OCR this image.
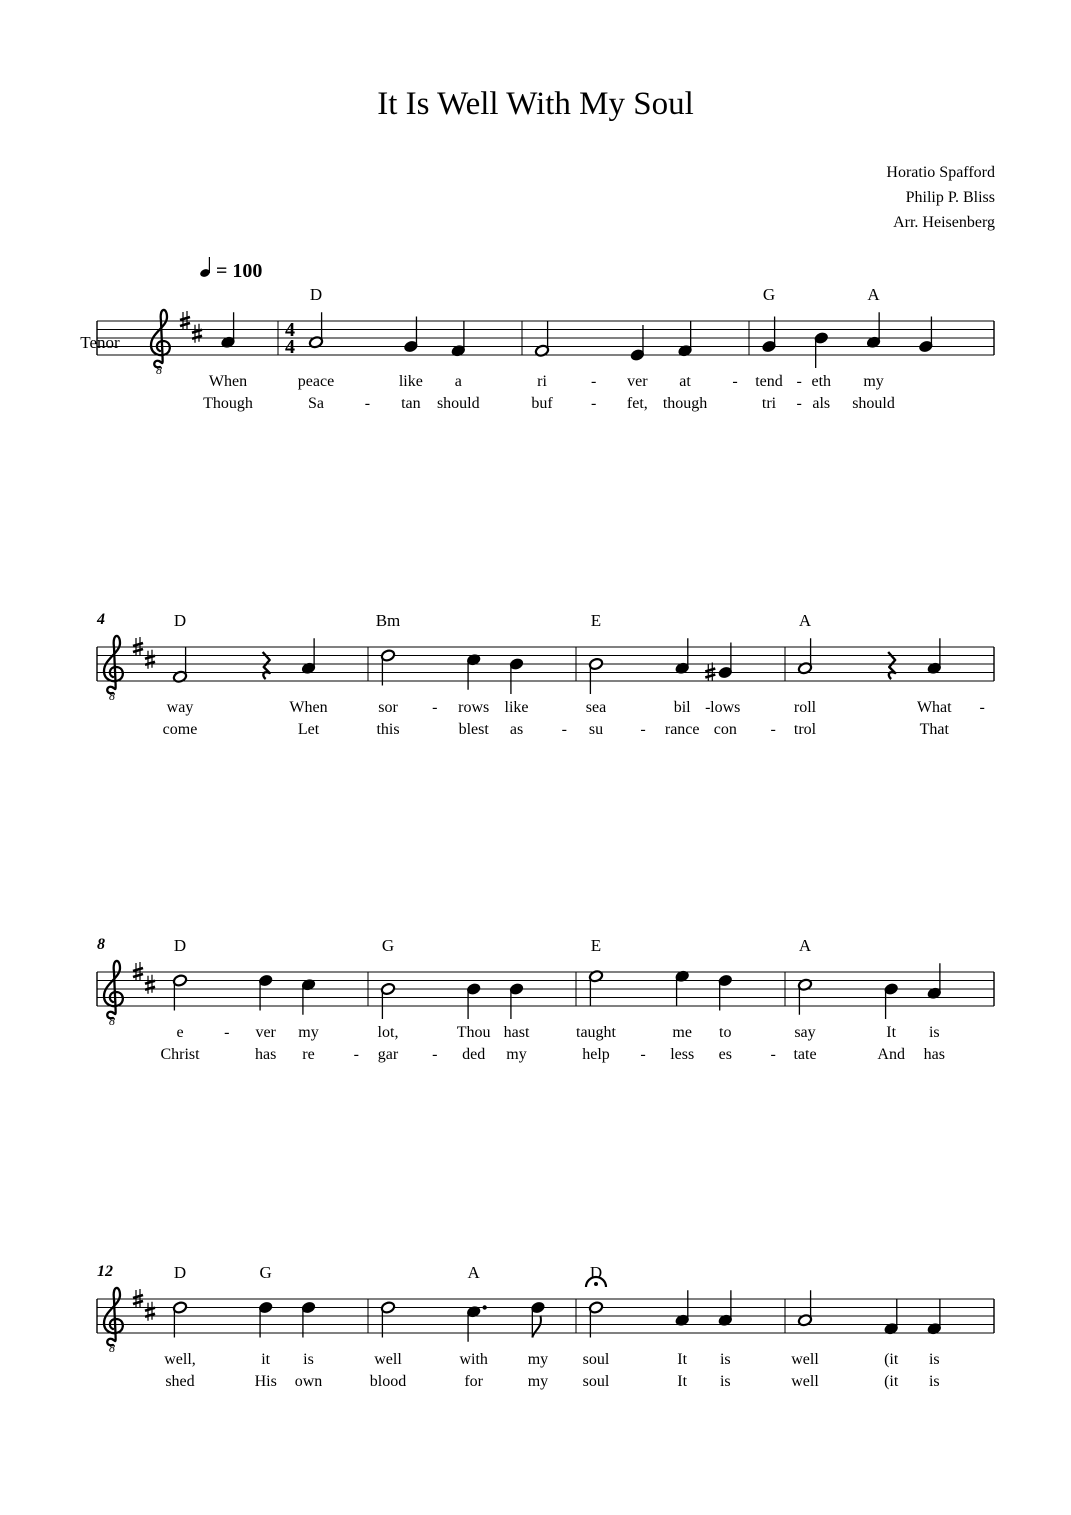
It Is Well With My Soul
Horatio Spafford
Philip P. Bliss
Arr. Heisenberg
= 100
8
Tenor
When
Though
4
4
peace
Sa	-
D
like
tan
a
should
ri
buf
-
-
ver
fet,
at
though
- tend
tri
-
-
G
eth
als
my
should
A
8
4
way
come
D
When
Let
sor
this
-
Bm
rows
blest
like
as -
sea
su -
E
bil
rance
- lows
con -
roll
trol
A
What
That
-
8
8
e
Christ
-
D
ver
has
my
re -
lot,
gar -
G
Thou
ded
hast
my
taught
help -
E
me
less
to
es -
say
tate
A
It
And
is
has
8
12
well,
shed
D
it
His
G
is
own
well
blood
with
for
A
my
my
soul
soul
D
It
It
is
is
well
well
(it
(it
is
is
